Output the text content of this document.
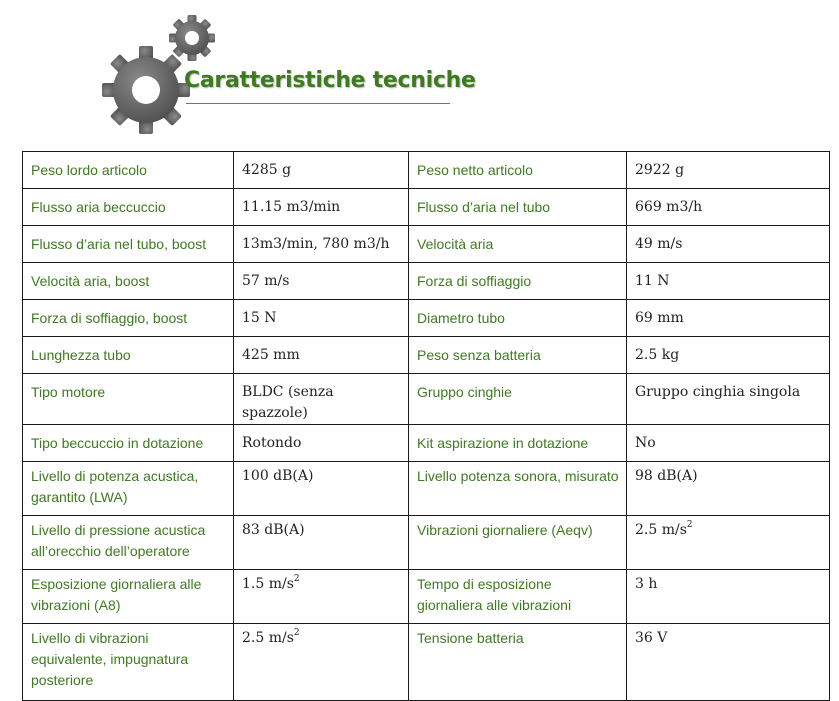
Caratteristiche tecniche
Peso lordo articolo	4285 g	Peso netto articolo	2922 g
Flusso aria beccuccio	11.15 m3/min	Flusso d’aria nel tubo	669 m3/h
Flusso d’aria nel tubo, boost	13m3/min, 780 m3/h	Velocità aria	49 m/s
Velocità aria, boost	57 m/s	Forza di soffiaggio	11 N
Forza di soffiaggio, boost	15 N	Diametro tubo	69 mm
Lunghezza tubo	425 mm	Peso senza batteria	2.5 kg
Tipo motore	BLDC (senza spazzole)	Gruppo cinghie	Gruppo cinghia singola
Tipo beccuccio in dotazione	Rotondo	Kit aspirazione in dotazione	No
Livello di potenza acustica, garantito (LWA)	100 dB(A)	Livello potenza sonora, misurato	98 dB(A)
Livello di pressione acustica all’orecchio dell’operatore	83 dB(A)	Vibrazioni giornaliere (Aeqv)	2.5 $m/s^2$
Esposizione giornaliera alle vibrazioni (A8)	1.5 $m/s^2$	Tempo di esposizione giornaliera alle vibrazioni	3 h
Livello di vibrazioni equivalente, impugnatura posteriore	2.5 $m/s^2$	Tensione batteria	36 V
